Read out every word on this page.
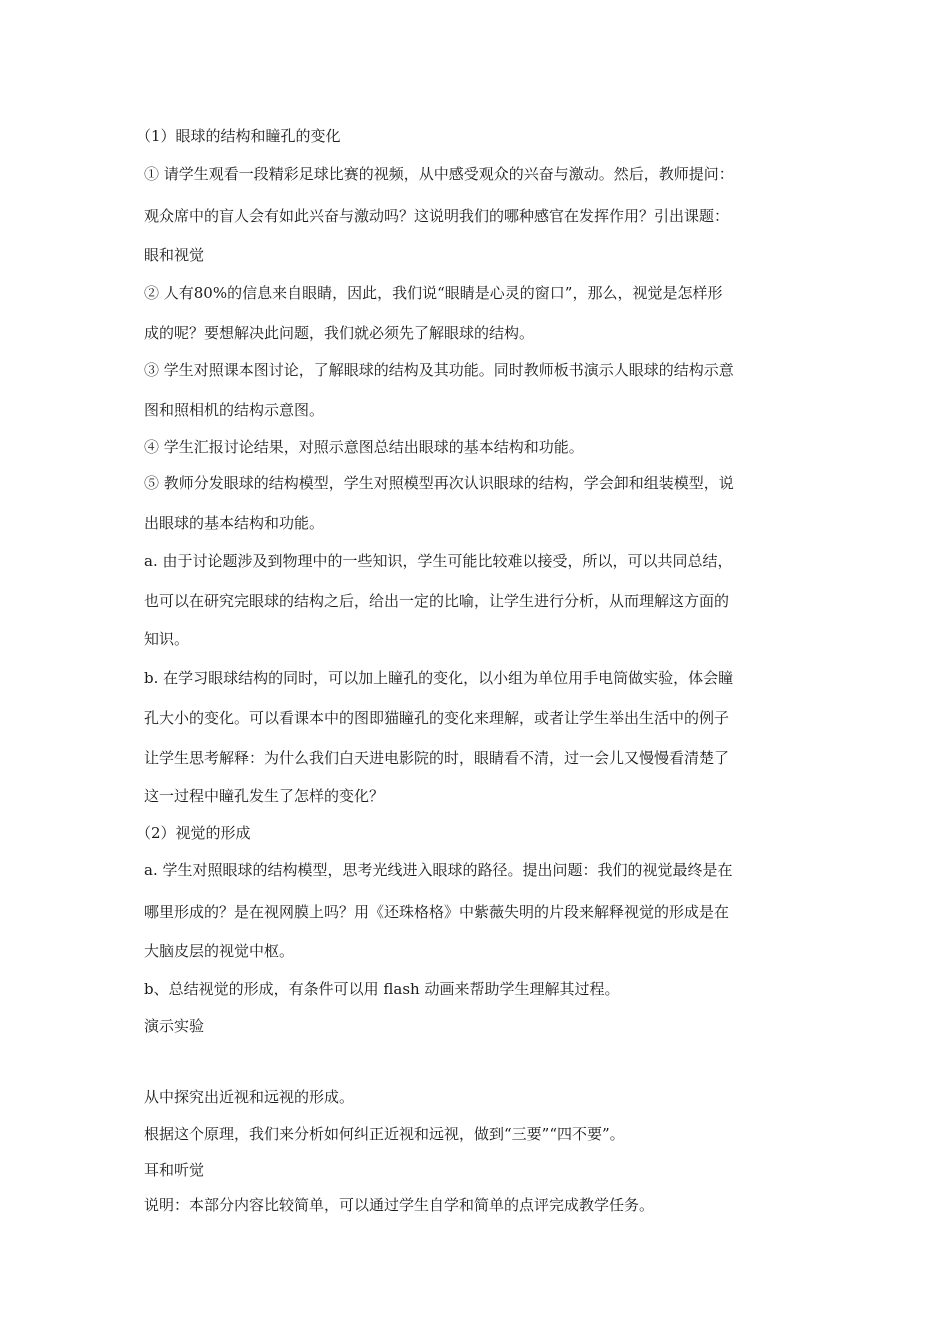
（1）眼球的结构和瞳孔的变化
① 请学生观看一段精彩足球比赛的视频，从中感受观众的兴奋与激动。然后，教师提问：
观众席中的盲人会有如此兴奋与激动吗？这说明我们的哪种感官在发挥作用？引出课题：
眼和视觉
② 人有80%的信息来自眼睛，因此，我们说“眼睛是心灵的窗口”，那么，视觉是怎样形
成的呢？要想解决此问题，我们就必须先了解眼球的结构。
③ 学生对照课本图讨论，了解眼球的结构及其功能。同时教师板书演示人眼球的结构示意
图和照相机的结构示意图。
④ 学生汇报讨论结果，对照示意图总结出眼球的基本结构和功能。
⑤ 教师分发眼球的结构模型，学生对照模型再次认识眼球的结构，学会卸和组装模型，说
出眼球的基本结构和功能。
a. 由于讨论题涉及到物理中的一些知识，学生可能比较难以接受，所以，可以共同总结，
也可以在研究完眼球的结构之后，给出一定的比喻，让学生进行分析，从而理解这方面的
知识。
b. 在学习眼球结构的同时，可以加上瞳孔的变化，以小组为单位用手电筒做实验，体会瞳
孔大小的变化。可以看课本中的图即猫瞳孔的变化来理解，或者让学生举出生活中的例子
让学生思考解释：为什么我们白天进电影院的时，眼睛看不清，过一会儿又慢慢看清楚了
这一过程中瞳孔发生了怎样的变化？
（2）视觉的形成
a. 学生对照眼球的结构模型，思考光线进入眼球的路径。提出问题：我们的视觉最终是在
哪里形成的？是在视网膜上吗？用《还珠格格》中紫薇失明的片段来解释视觉的形成是在
大脑皮层的视觉中枢。
b、总结视觉的形成，有条件可以用 flash 动画来帮助学生理解其过程。
演示实验
从中探究出近视和远视的形成。
根据这个原理，我们来分析如何纠正近视和远视，做到“三要”“四不要”。
耳和听觉
说明：本部分内容比较简单，可以通过学生自学和简单的点评完成教学任务。
